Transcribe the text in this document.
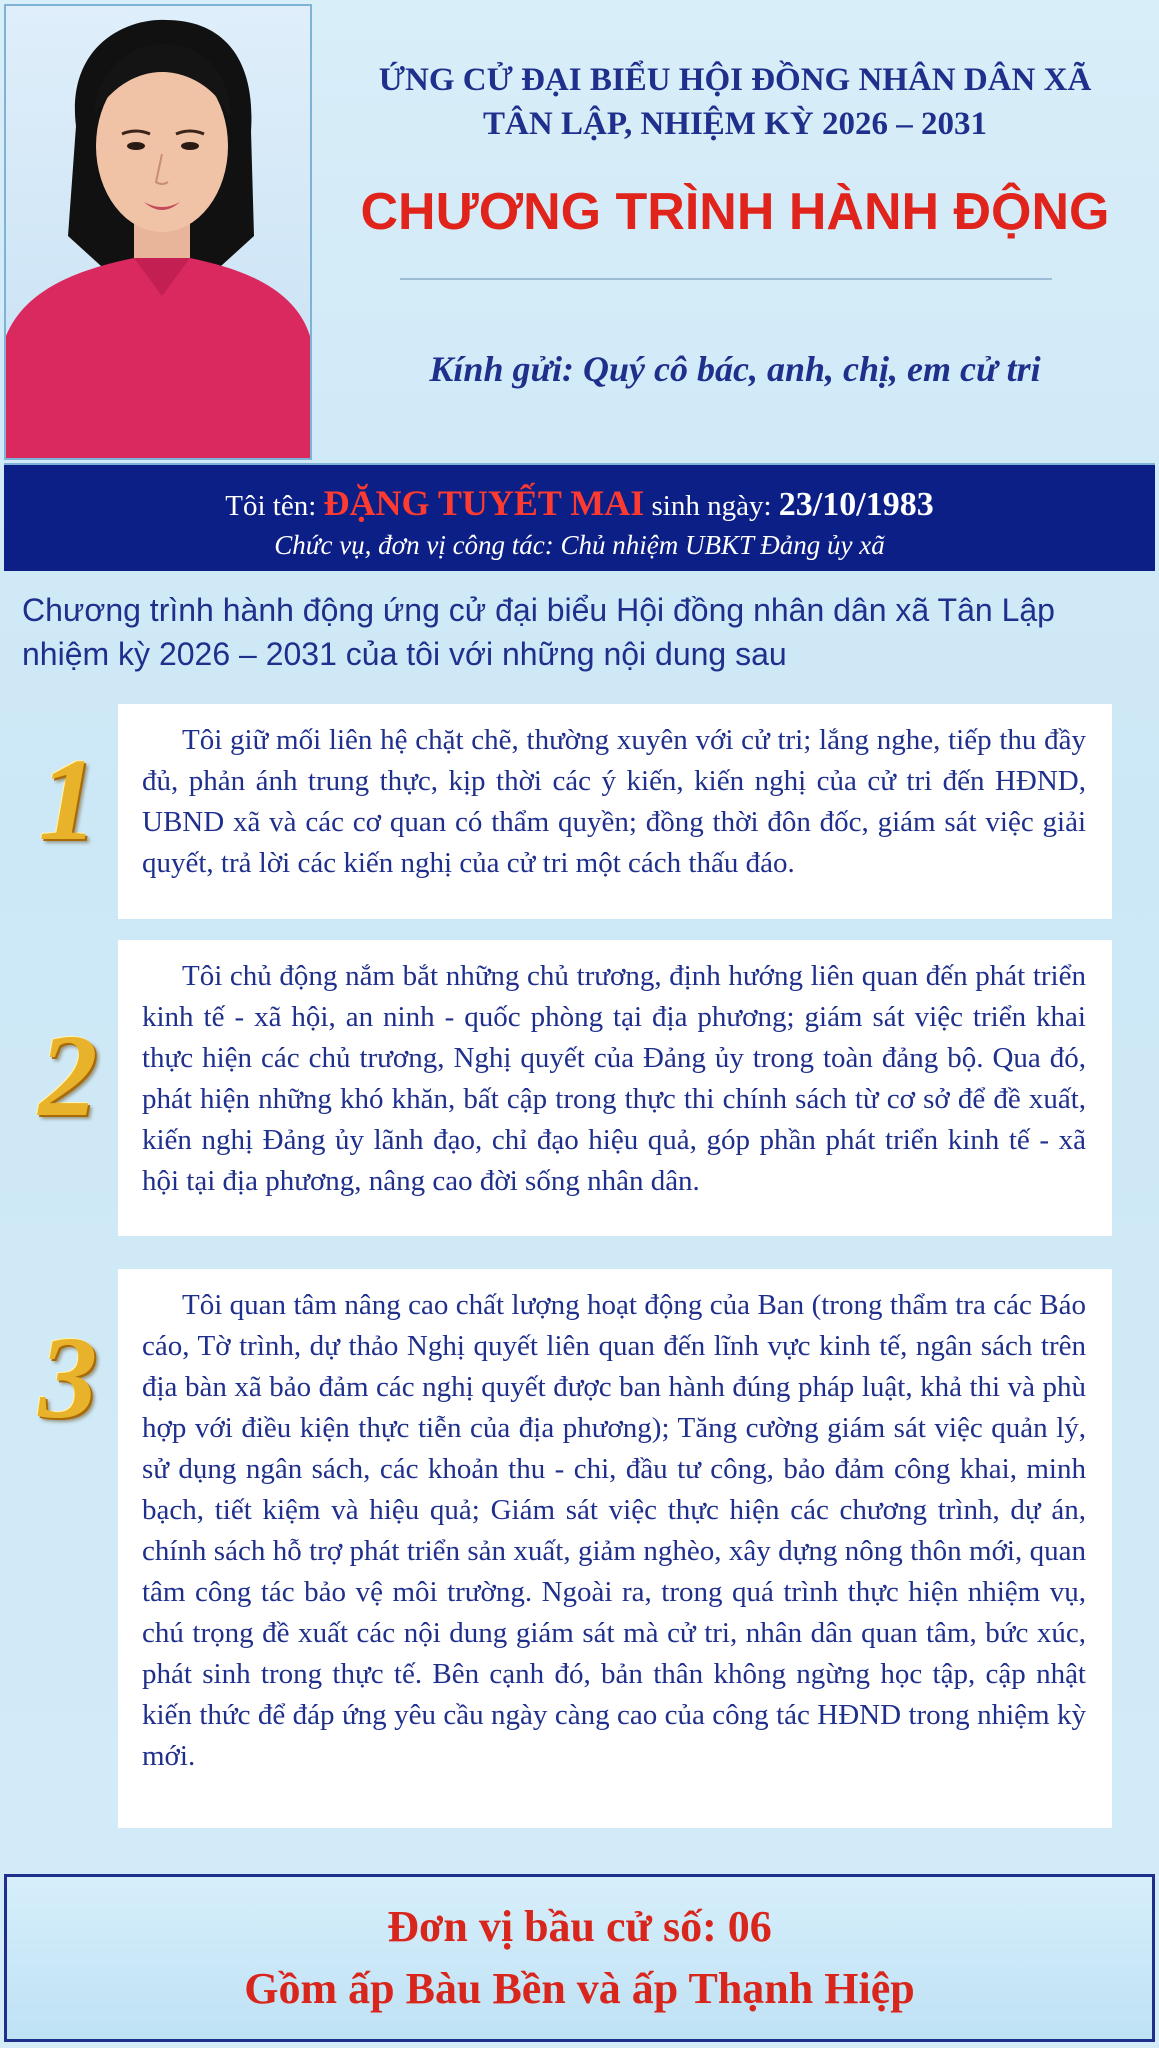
ỨNG CỬ ĐẠI BIỂU HỘI ĐỒNG NHÂN DÂN XÃ
TÂN LẬP, NHIỆM KỲ 2026 – 2031
CHƯƠNG TRÌNH HÀNH ĐỘNG
Kính gửi: Quý cô bác, anh, chị, em cử tri
Tôi tên: ĐẶNG TUYẾT MAI sinh ngày: 23/10/1983
Chức vụ, đơn vị công tác: Chủ nhiệm UBKT Đảng ủy xã
Chương trình hành động ứng cử đại biểu Hội đồng nhân dân xã Tân Lập nhiệm kỳ 2026 – 2031 của tôi với những nội dung sau
1	Tôi giữ mối liên hệ chặt chẽ, thường xuyên với cử tri; lắng nghe, tiếp thu đầy đủ, phản ánh trung thực, kịp thời các ý kiến, kiến nghị của cử tri đến HĐND, UBND xã và các cơ quan có thẩm quyền; đồng thời đôn đốc, giám sát việc giải quyết, trả lời các kiến nghị của cử tri một cách thấu đáo.

2

Tôi chủ động nắm bắt những chủ trương, định hướng liên quan đến phát triển kinh tế - xã hội, an ninh - quốc phòng tại địa phương; giám sát việc triển khai thực hiện các chủ trương, Nghị quyết của Đảng ủy trong toàn đảng bộ. Qua đó, phát hiện những khó khăn, bất cập trong thực thi chính sách từ cơ sở để đề xuất, kiến nghị Đảng ủy lãnh đạo, chỉ đạo hiệu quả, góp phần phát triển kinh tế - xã hội tại địa phương, nâng cao đời sống nhân dân.

3

Tôi quan tâm nâng cao chất lượng hoạt động của Ban (trong thẩm tra các Báo cáo, Tờ trình, dự thảo Nghị quyết liên quan đến lĩnh vực kinh tế, ngân sách trên địa bàn xã bảo đảm các nghị quyết được ban hành đúng pháp luật, khả thi và phù hợp với điều kiện thực tiễn của địa phương); Tăng cường giám sát việc quản lý, sử dụng ngân sách, các khoản thu - chi, đầu tư công, bảo đảm công khai, minh bạch, tiết kiệm và hiệu quả; Giám sát việc thực hiện các chương trình, dự án, chính sách hỗ trợ phát triển sản xuất, giảm nghèo, xây dựng nông thôn mới, quan tâm công tác bảo vệ môi trường. Ngoài ra, trong quá trình thực hiện nhiệm vụ, chú trọng đề xuất các nội dung giám sát mà cử tri, nhân dân quan tâm, bức xúc, phát sinh trong thực tế. Bên cạnh đó, bản thân không ngừng học tập, cập nhật kiến thức để đáp ứng yêu cầu ngày càng cao của công tác HĐND trong nhiệm kỳ mới.

Đơn vị bầu cử số: 06
Gồm ấp Bàu Bền và ấp Thạnh Hiệp
